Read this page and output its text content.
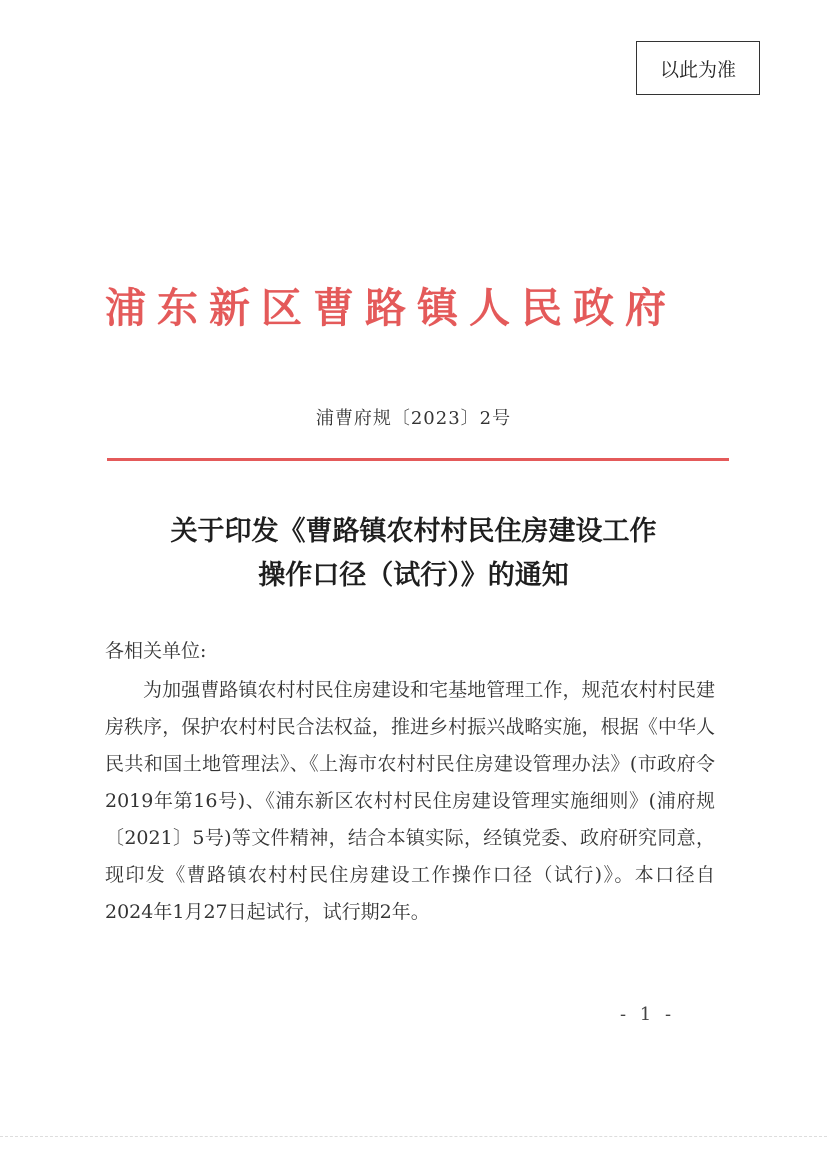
以此为准
浦东新区曹路镇人民政府
浦曹府规〔2023〕2号
关于印发《曹路镇农村村民住房建设工作
操作口径（试行）》的通知
各相关单位:

为加强曹路镇农村村民住房建设和宅基地管理工作，规范农村村民建房秩序，保护农村村民合法权益，推进乡村振兴战略实施，根据《中华人民共和国土地管理法》、《上海市农村村民住房建设管理办法》(市政府令2019年第16号)、《浦东新区农村村民住房建设管理实施细则》(浦府规〔2021〕5号)等文件精神，结合本镇实际，经镇党委、政府研究同意，现印发《曹路镇农村村民住房建设工作操作口径（试行)》。本口径自2024年1月27日起试行，试行期2年。

- 1 -
